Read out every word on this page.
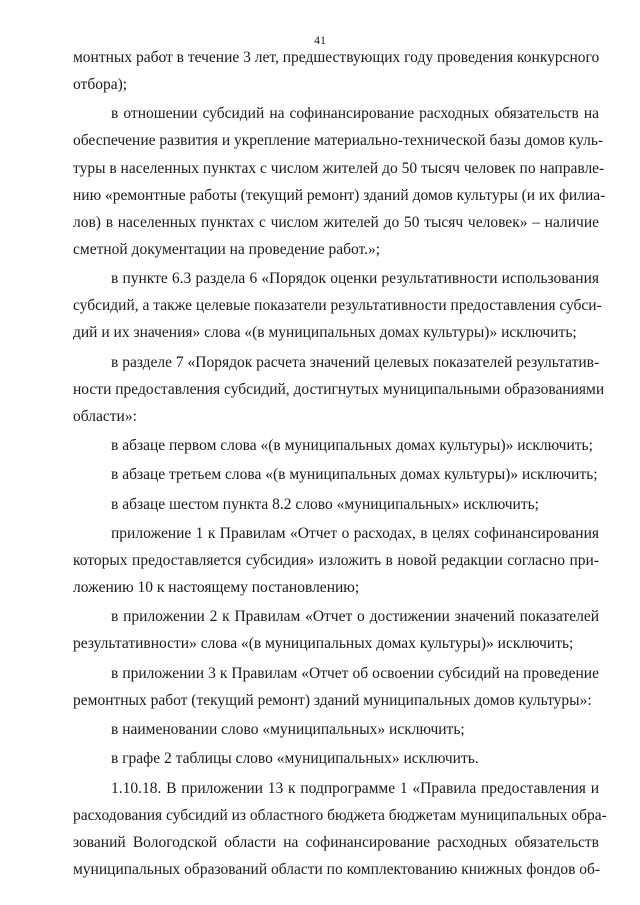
41
монтных работ в течение 3 лет, предшествующих году проведения конкурсного
отбора);
в отношении субсидий на софинансирование расходных обязательств на
обеспечение развития и укрепление материально-технической базы домов куль-
туры в населенных пунктах с числом жителей до 50 тысяч человек по направле-
нию «ремонтные работы (текущий ремонт) зданий домов культуры (и их филиа-
лов) в населенных пунктах с числом жителей до 50 тысяч человек» – наличие
сметной документации на проведение работ.»;
в пункте 6.3 раздела 6 «Порядок оценки результативности использования
субсидий, а также целевые показатели результативности предоставления субси-
дий и их значения» слова «(в муниципальных домах культуры)» исключить;
в разделе 7 «Порядок расчета значений целевых показателей результатив-
ности предоставления субсидий, достигнутых муниципальными образованиями
области»:
в абзаце первом слова «(в муниципальных домах культуры)» исключить;
в абзаце третьем слова «(в муниципальных домах культуры)» исключить;
в абзаце шестом пункта 8.2 слово «муниципальных» исключить;
приложение 1 к Правилам «Отчет о расходах, в целях софинансирования
которых предоставляется субсидия» изложить в новой редакции согласно при-
ложению 10 к настоящему постановлению;
в приложении 2 к Правилам «Отчет о достижении значений показателей
результативности» слова «(в муниципальных домах культуры)» исключить;
в приложении 3 к Правилам «Отчет об освоении субсидий на проведение
ремонтных работ (текущий ремонт) зданий муниципальных домов культуры»:
в наименовании слово «муниципальных» исключить;
в графе 2 таблицы слово «муниципальных» исключить.
1.10.18. В приложении 13 к подпрограмме 1 «Правила предоставления и
расходования субсидий из областного бюджета бюджетам муниципальных обра-
зований Вологодской области на софинансирование расходных обязательств
муниципальных образований области по комплектованию книжных фондов об-
